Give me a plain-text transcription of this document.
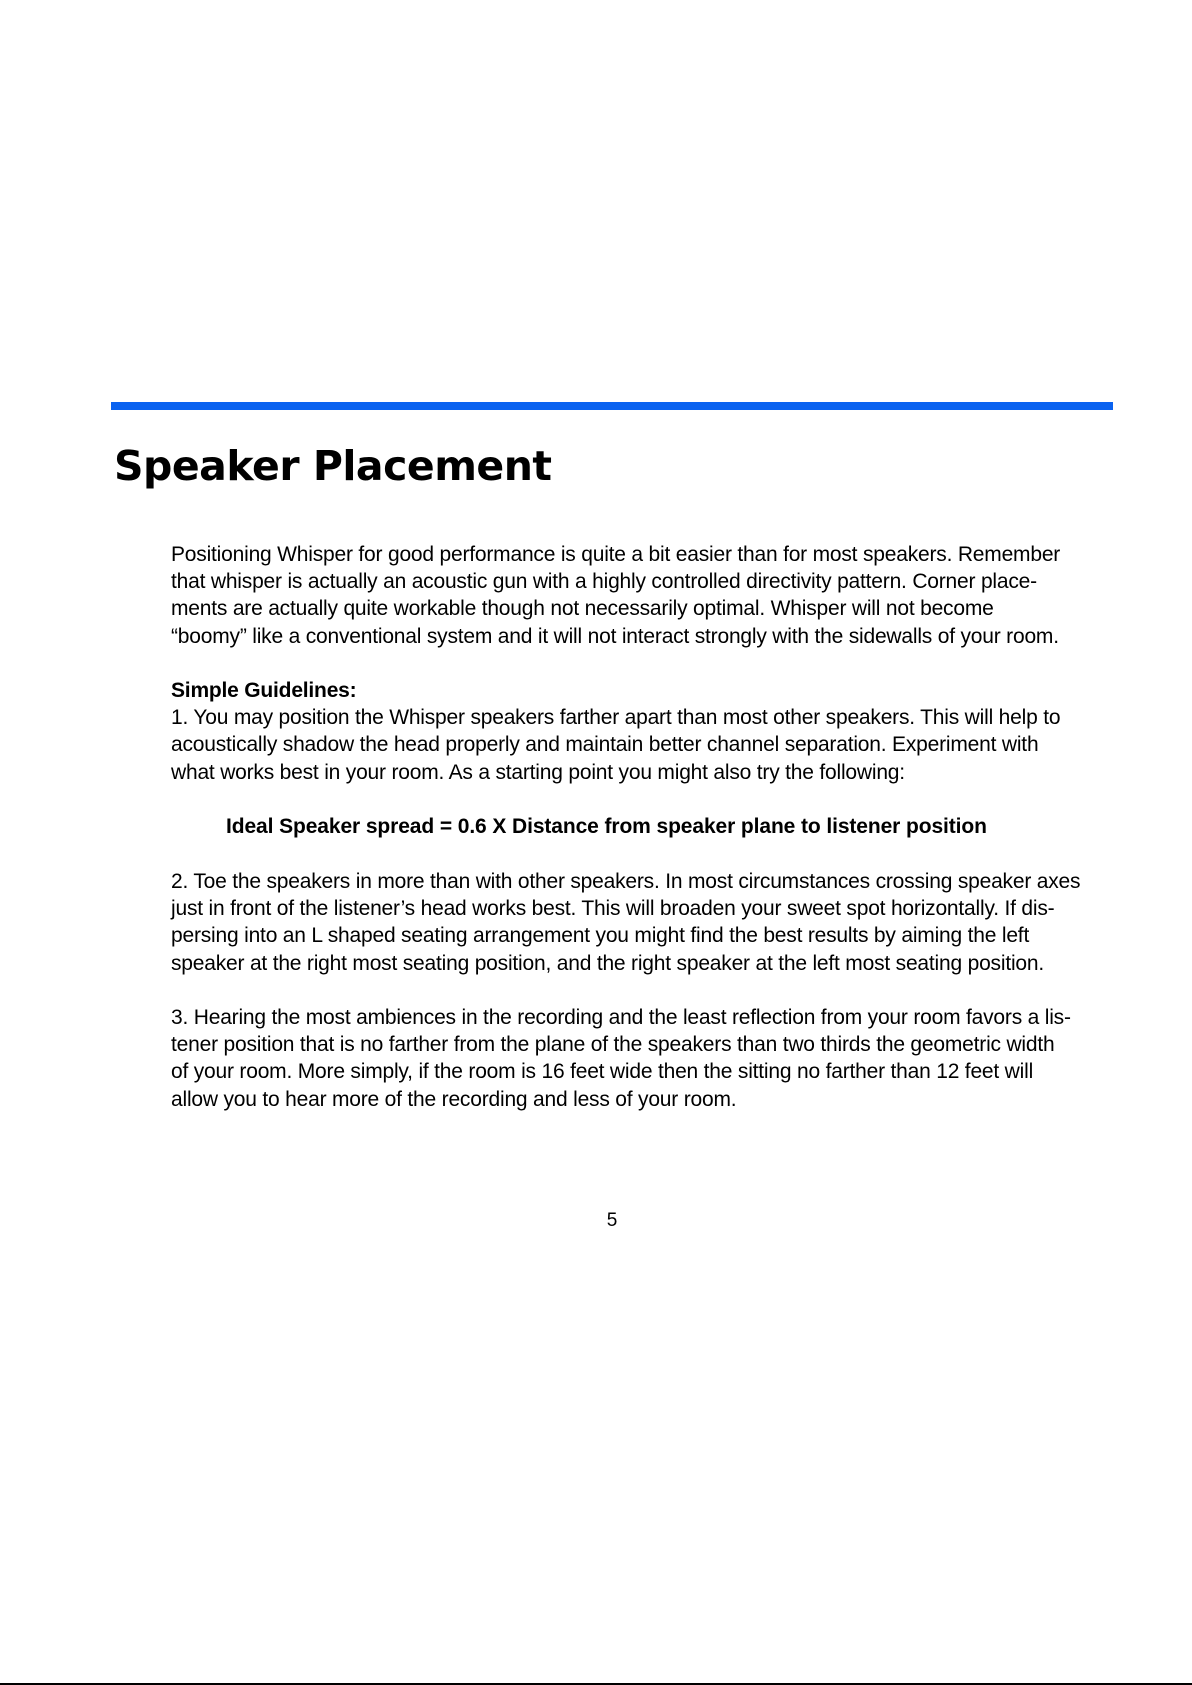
Speaker Placement
Positioning Whisper for good performance is quite a bit easier than for most speakers. Remember
that whisper is actually an acoustic gun with a highly controlled directivity pattern. Corner place-
ments are actually quite workable though not necessarily optimal. Whisper will not become
“boomy” like a conventional system and it will not interact strongly with the sidewalls of your room.
Simple Guidelines:
1. You may position the Whisper speakers farther apart than most other speakers. This will help to
acoustically shadow the head properly and maintain better channel separation. Experiment with
what works best in your room. As a starting point you might also try the following:
Ideal Speaker spread = 0.6 X Distance from speaker plane to listener position
2. Toe the speakers in more than with other speakers. In most circumstances crossing speaker axes
just in front of the listener’s head works best. This will broaden your sweet spot horizontally. If dis-
persing into an L shaped seating arrangement you might find the best results by aiming the left
speaker at the right most seating position, and the right speaker at the left most seating position.
3. Hearing the most ambiences in the recording and the least reflection from your room favors a lis-
tener position that is no farther from the plane of the speakers than two thirds the geometric width
of your room. More simply, if the room is 16 feet wide then the sitting no farther than 12 feet will
allow you to hear more of the recording and less of your room.
5
